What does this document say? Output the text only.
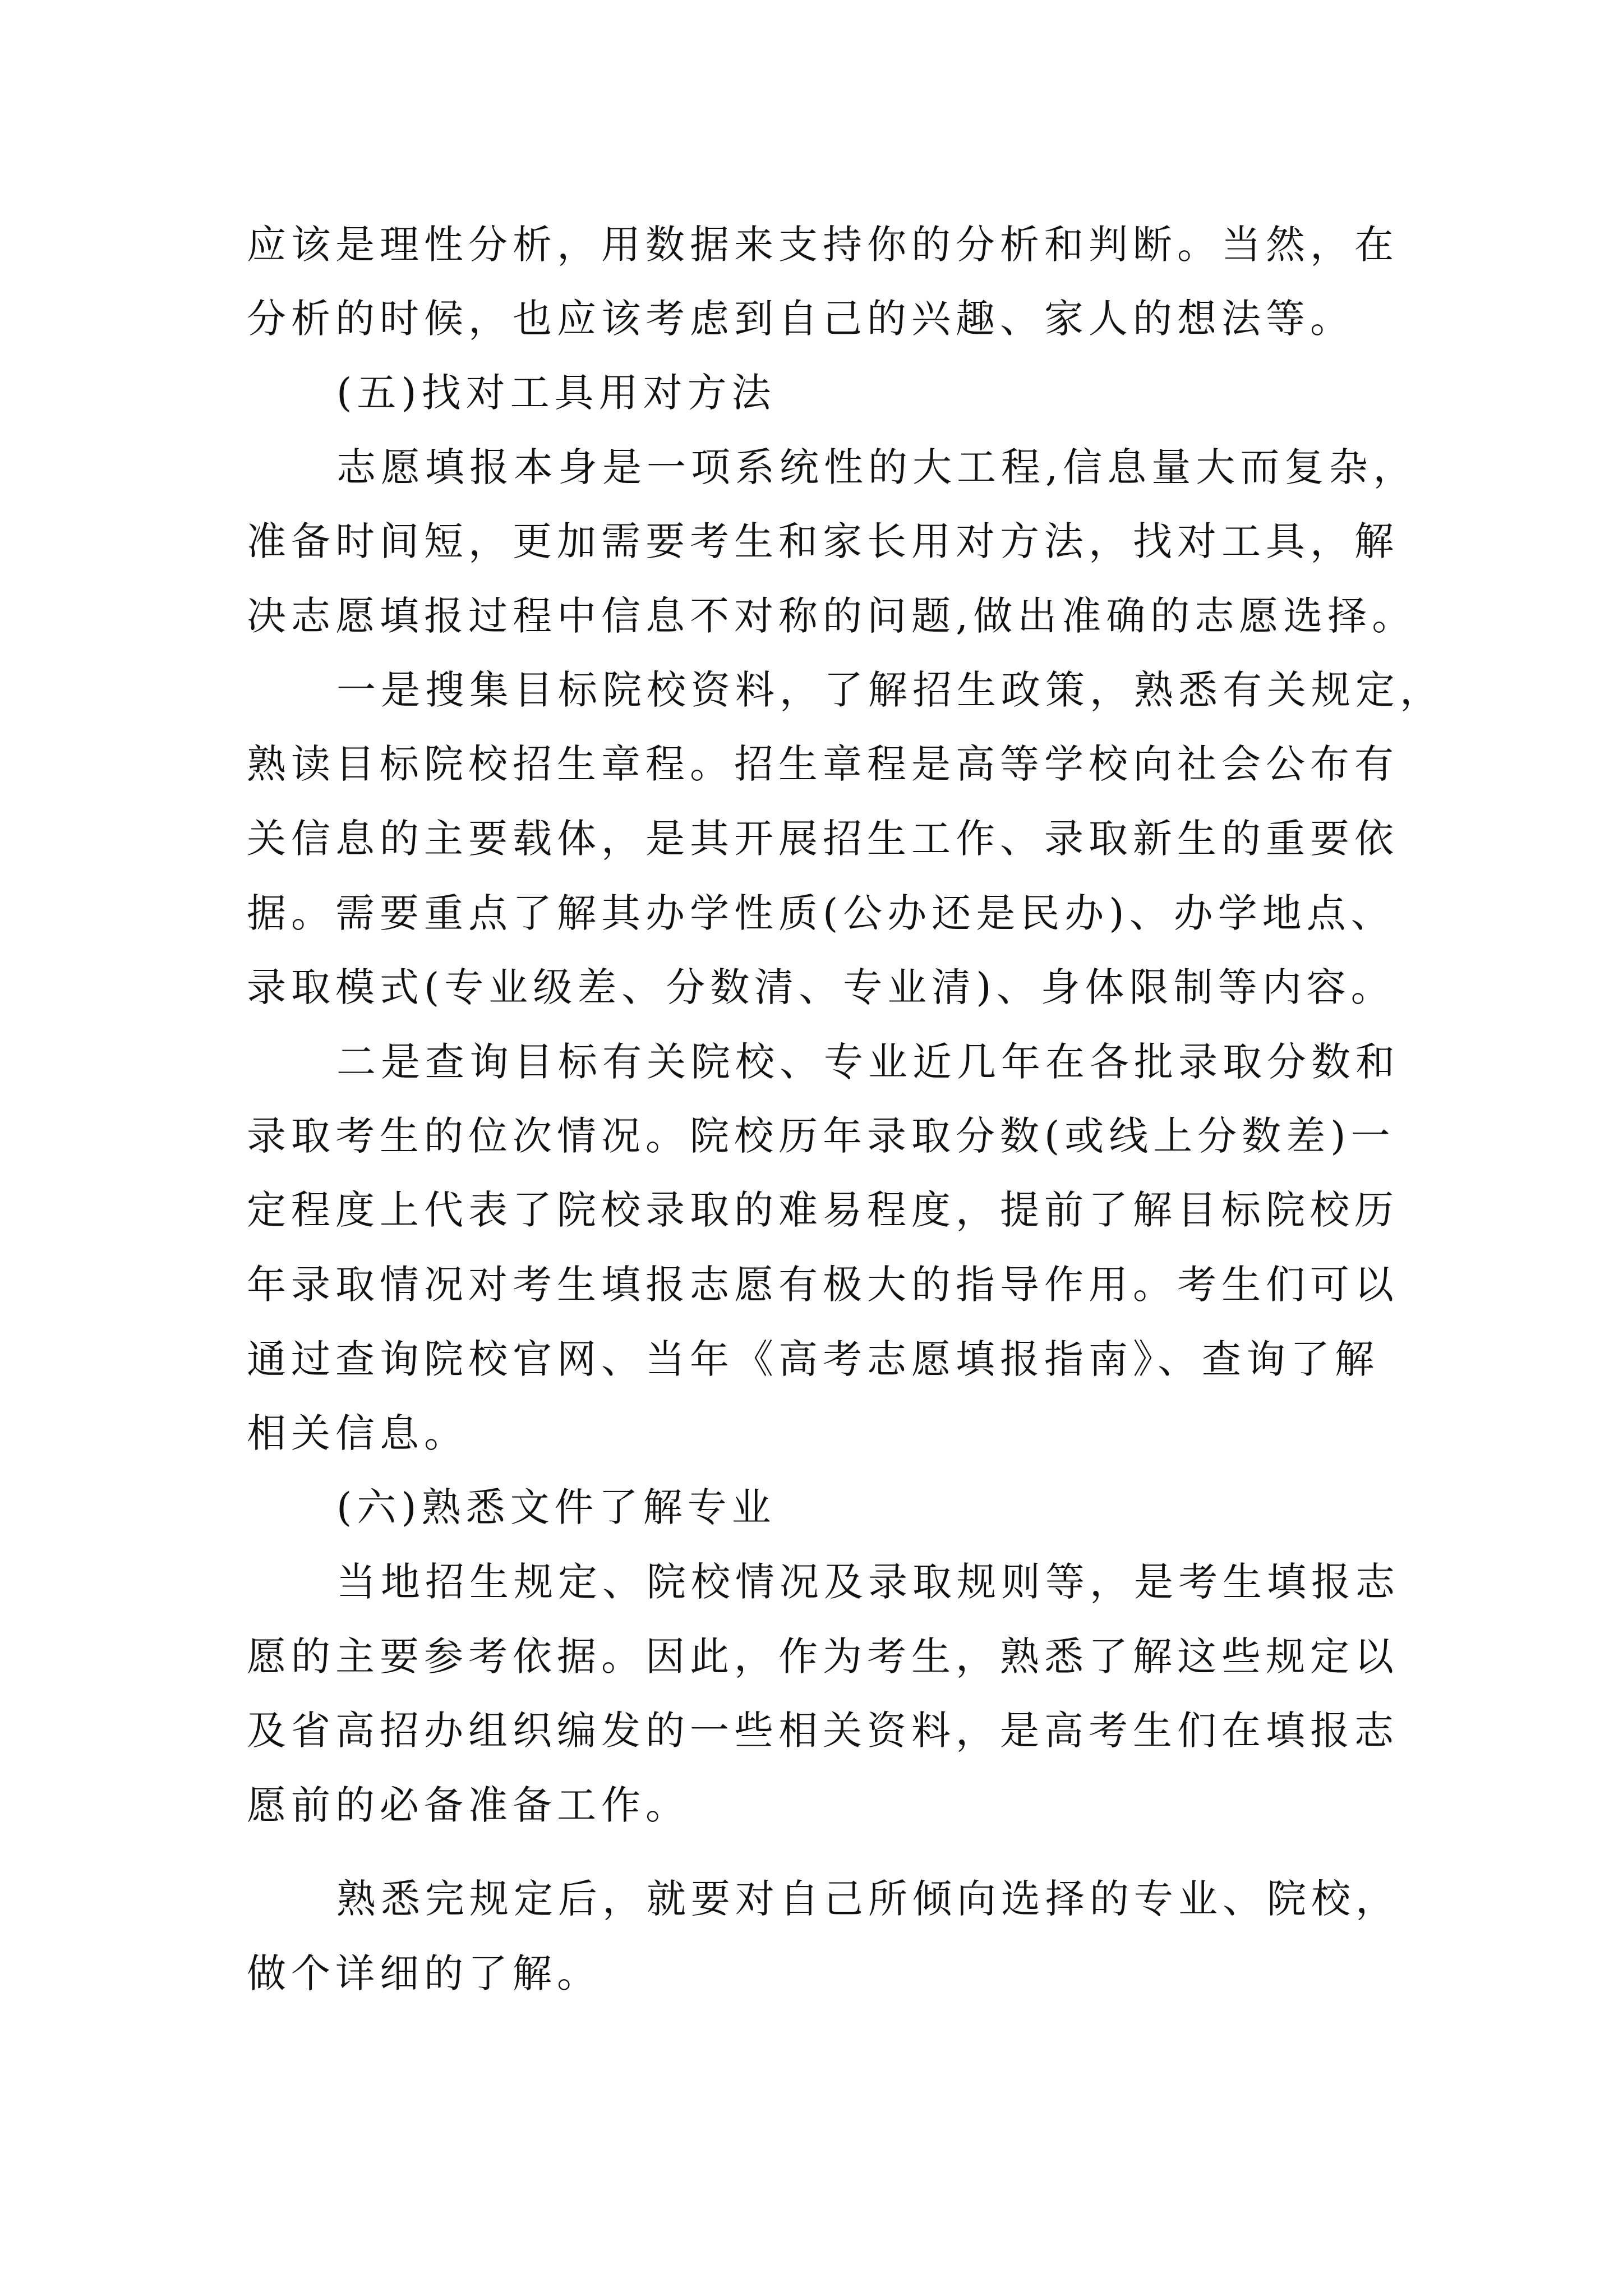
应该是理性分析，用数据来支持你的分析和判断。当然，在
分析的时候，也应该考虑到自己的兴趣、家人的想法等。
(五)找对工具用对方法
志愿填报本身是一项系统性的大工程,信息量大而复杂，
准备时间短，更加需要考生和家长用对方法，找对工具，解
决志愿填报过程中信息不对称的问题,做出准确的志愿选择。
一是搜集目标院校资料，了解招生政策，熟悉有关规定，
熟读目标院校招生章程。招生章程是高等学校向社会公布有
关信息的主要载体，是其开展招生工作、录取新生的重要依
据。需要重点了解其办学性质(公办还是民办)、办学地点、
录取模式(专业级差、分数清、专业清)、身体限制等内容。
二是查询目标有关院校、专业近几年在各批录取分数和
录取考生的位次情况。院校历年录取分数(或线上分数差)一
定程度上代表了院校录取的难易程度，提前了解目标院校历
年录取情况对考生填报志愿有极大的指导作用。考生们可以
通过查询院校官网、当年《高考志愿填报指南》、查询了解
相关信息。
(六)熟悉文件了解专业
当地招生规定、院校情况及录取规则等，是考生填报志
愿的主要参考依据。因此，作为考生，熟悉了解这些规定以
及省高招办组织编发的一些相关资料，是高考生们在填报志
愿前的必备准备工作。
熟悉完规定后，就要对自己所倾向选择的专业、院校，
做个详细的了解。
